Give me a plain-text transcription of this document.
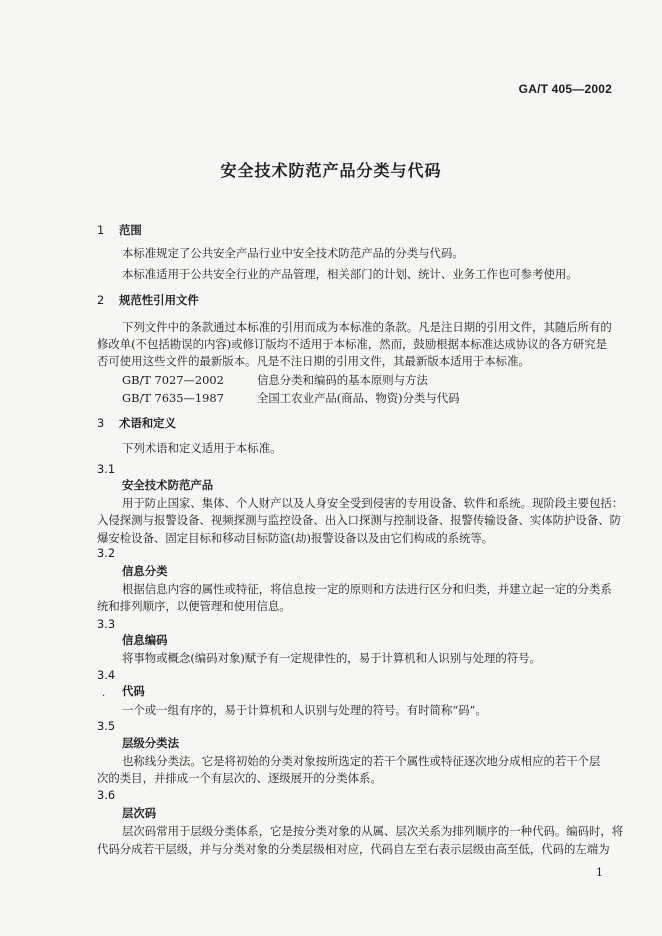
GA/T 405—2002
安全技术防范产品分类与代码
1 范围
本标准规定了公共安全产品行业中安全技术防范产品的分类与代码。
本标准适用于公共安全行业的产品管理，相关部门的计划、统计、业务工作也可参考使用。
2 规范性引用文件
下列文件中的条款通过本标准的引用而成为本标准的条款。凡是注日期的引用文件，其随后所有的
修改单(不包括勘误的内容)或修订版均不适用于本标准，然而，鼓励根据本标准达成协议的各方研究是
否可使用这些文件的最新版本。凡是不注日期的引用文件，其最新版本适用于本标准。
GB/T 7027—2002	信息分类和编码的基本原则与方法
GB/T 7635—1987	全国工农业产品(商品、物资)分类与代码
3 术语和定义
下列术语和定义适用于本标准。
3.1
安全技术防范产品
用于防止国家、集体、个人财产以及人身安全受到侵害的专用设备、软件和系统。现阶段主要包括：
入侵探测与报警设备、视频探测与监控设备、出入口探测与控制设备、报警传输设备、实体防护设备、防
爆安检设备、固定目标和移动目标防盗(劫)报警设备以及由它们构成的系统等。
3.2
信息分类
根据信息内容的属性或特征，将信息按一定的原则和方法进行区分和归类，并建立起一定的分类系
统和排列顺序，以便管理和使用信息。
3.3
信息编码
将事物或概念(编码对象)赋予有一定规律性的，易于计算机和人识别与处理的符号。
3.4
. 代码
一个或一组有序的，易于计算机和人识别与处理的符号。有时简称“码”。
3.5
层级分类法
也称线分类法。它是将初始的分类对象按所选定的若干个属性或特征逐次地分成相应的若干个层
次的类目，并排成一个有层次的、逐级展开的分类体系。
3.6
层次码
层次码常用于层级分类体系，它是按分类对象的从属、层次关系为排列顺序的一种代码。编码时，将
代码分成若干层级，并与分类对象的分类层级相对应，代码自左至右表示层级由高至低，代码的左端为
1
